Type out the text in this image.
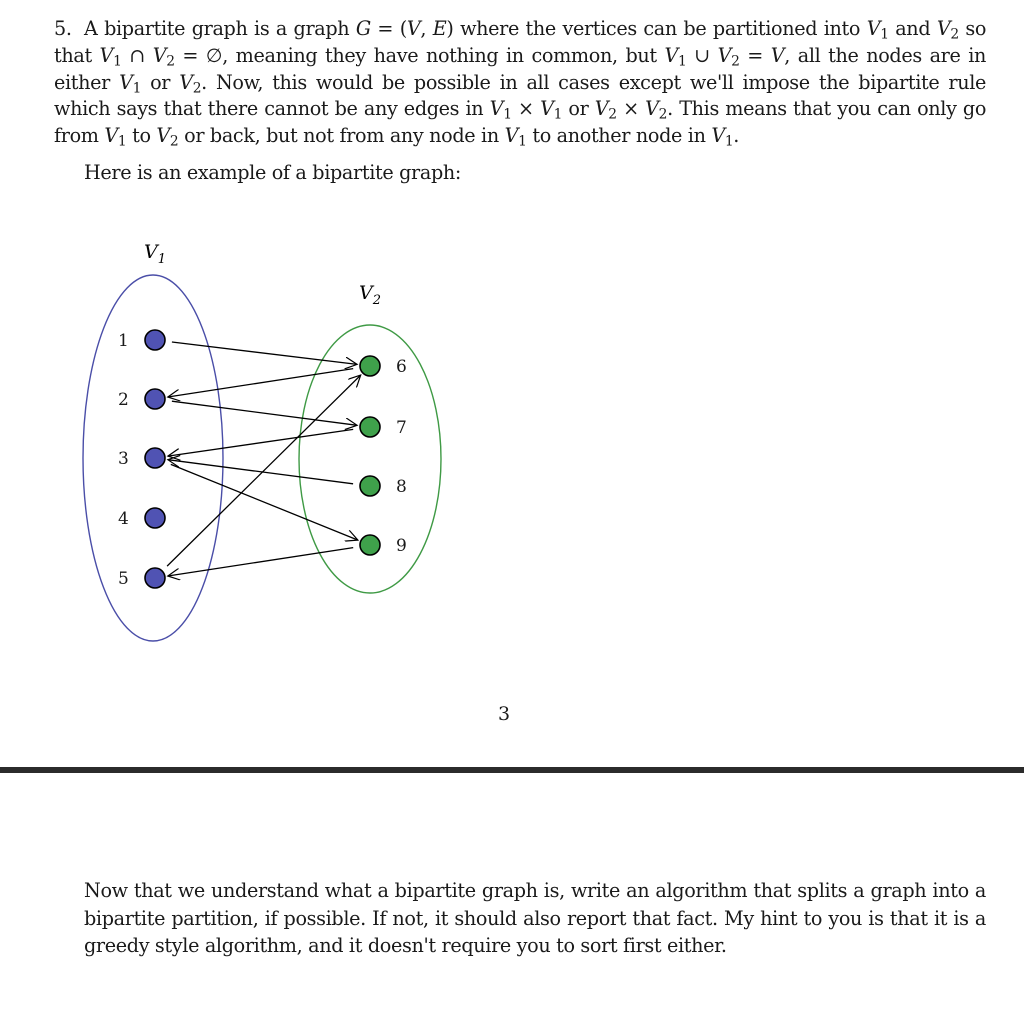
5. A bipartite graph is a graph G = (V, E) where the vertices can be partitioned into $V_1$ and $V_2$ so that $V_1$ ∩ $V_2$ = ∅, meaning they have nothing in common, but $V_1$ ∪ $V_2 = V$, all the nodes are in either $V_1$ or $V_2$. Now, this would be possible in all cases except we'll impose the bipartite rule which says that there cannot be any edges in $V_1 \times V_1$ or $V_2 \times V_2$. This means that you can only go from $V_1$ to $V_2$ or back, but not from any node in $V_1$ to another node in $V_1$.

Here is an example of a bipartite graph:

$V_1$
$V_2$
1
2
3
4
5
6
7
8
9
3

Now that we understand what a bipartite graph is, write an algorithm that splits a graph into a bipartite partition, if possible. If not, it should also report that fact. My hint to you is that it is a greedy style algorithm, and it doesn't require you to sort first either.
